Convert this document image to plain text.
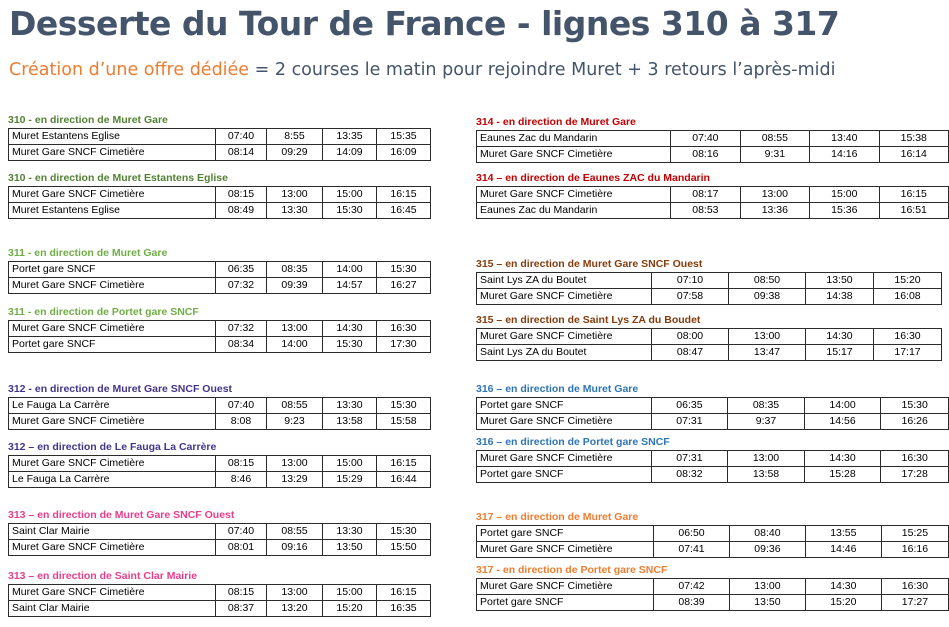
Desserte du Tour de France - lignes 310 à 317

Création d’une offre dédiée = 2 courses le matin pour rejoindre Muret + 3 retours l’après-midi

310 - en direction de Muret Gare
Muret Estantens Eglise	07:40	8:55	13:35	15:35
Muret Gare SNCF Cimetière	08:14	09:29	14:09	16:09
310 - en direction de Muret Estantens Eglise
Muret Gare SNCF Cimetière	08:15	13:00	15:00	16:15
Muret Estantens Eglise	08:49	13:30	15:30	16:45
311 - en direction de Muret Gare
Portet gare SNCF	06:35	08:35	14:00	15:30
Muret Gare SNCF Cimetière	07:32	09:39	14:57	16:27
311 - en direction de Portet gare SNCF
Muret Gare SNCF Cimetière	07:32	13:00	14:30	16:30
Portet gare SNCF	08:34	14:00	15:30	17:30
312 - en direction de Muret Gare SNCF Ouest
Le Fauga La Carrère	07:40	08:55	13:30	15:30
Muret Gare SNCF Cimetière	8:08	9:23	13:58	15:58
312 – en direction de Le Fauga La Carrère
Muret Gare SNCF Cimetière	08:15	13:00	15:00	16:15
Le Fauga La Carrère	8:46	13:29	15:29	16:44
313 – en direction de Muret Gare SNCF Ouest
Saint Clar Mairie	07:40	08:55	13:30	15:30
Muret Gare SNCF Cimetière	08:01	09:16	13:50	15:50
313 – en direction de Saint Clar Mairie
Muret Gare SNCF Cimetière	08:15	13:00	15:00	16:15
Saint Clar Mairie	08:37	13:20	15:20	16:35
314 - en direction de Muret Gare
Eaunes Zac du Mandarin	07:40	08:55	13:40	15:38
Muret Gare SNCF Cimetière	08:16	9:31	14:16	16:14
314 – en direction de Eaunes ZAC du Mandarin
Muret Gare SNCF Cimetière	08:17	13:00	15:00	16:15
Eaunes Zac du Mandarin	08:53	13:36	15:36	16:51
315 – en direction de Muret Gare SNCF Ouest
Saint Lys ZA du Boutet	07:10	08:50	13:50	15:20
Muret Gare SNCF Cimetière	07:58	09:38	14:38	16:08
315 – en direction de Saint Lys ZA du Boudet
Muret Gare SNCF Cimetière	08:00	13:00	14:30	16:30
Saint Lys ZA du Boutet	08:47	13:47	15:17	17:17
316 – en direction de Muret Gare
Portet gare SNCF	06:35	08:35	14:00	15:30
Muret Gare SNCF Cimetière	07:31	9:37	14:56	16:26
316 – en direction de Portet gare SNCF
Muret Gare SNCF Cimetière	07:31	13:00	14:30	16:30
Portet gare SNCF	08:32	13:58	15:28	17:28
317 – en direction de Muret Gare
Portet gare SNCF	06:50	08:40	13:55	15:25
Muret Gare SNCF Cimetière	07:41	09:36	14:46	16:16
317 - en direction de Portet gare SNCF
Muret Gare SNCF Cimetière	07:42	13:00	14:30	16:30
Portet gare SNCF	08:39	13:50	15:20	17:27
